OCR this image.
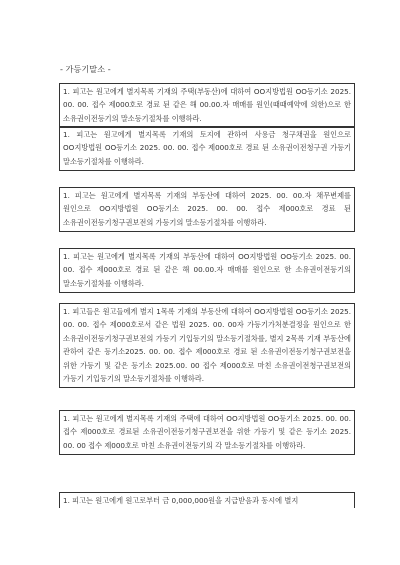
- 가등기말소 -
1. 피고는 원고에게 별지목록 기재의 주택(부동산)에 대하여 OO지방법원 OO등기소 2025. 00. 00. 접수 제000호로 경료 된 같은 해 00.00.자 매매를 원인(때때예약에 의한)으로 한 소유권이전등기의 말소등기절차를 이행하라.
1. 피고는 원고에게 별지목록 기재의 토지에 관하여 사용금 청구채권을 원인으로 OO지방법원 OO등기소 2025. 00. 00. 접수 제000호로 경료 된 소유권이전청구권 가등기 말소등기절차를 이행하라.
1. 피고는 원고에게 별지목록 기재의 부동산에 대하여 2025. 00. 00.자 채무변제를 원인으로 OO지방법원 OO등기소 2025. 00. 00. 접수 제000호로 경료 된 소유권이전등기청구권보전의 가등기의 말소등기절차를 이행하라.
1. 피고는 원고에게 별지목록 기재의 부동산에 대하여 OO지방법원 OO등기소 2025. 00. 00. 접수 제000호로 경료 된 같은 해 00.00.자 매매를 원인으로 한 소유권이전등기의 말소등기절차를 이행하라.
1. 피고들은 원고들에게 별지 1목록 기재의 부동산에 대하여 OO지방법원 OO등기소 2025. 00. 00. 접수 제000호로서 같은 법원 2025. 00. 00자 가등기가처분결정을 원인으로 한 소유권이전등기청구권보전의 가등기 기입등기의 말소등기절차를, 별지 2목록 기재 부동산에 관하여 같은 등기소2025. 00. 00. 접수 제000호로 경료 된 소유권이전등기청구권보전을 위한 가등기 및 같은 등기소 2025.00. 00 접수 제000호로 마친 소유권이전청구권보전의 가등기 기입등기의 말소등기절차를 이행하라.
1. 피고는 원고에게 별지목록 기재의 주택에 대하여 OO지방법원 OO등기소 2025. 00. 00. 접수 제000호로 경료된 소유권이전등기청구권보전을 위한 가등기 및 같은 등기소 2025. 00. 00 접수 제000호로 마친 소유권이전등기의 각 말소등기절차를 이행하라.
1. 피고는 원고에게 원고로부터 금 0,000,000원을 지급받음과 동시에 별지
